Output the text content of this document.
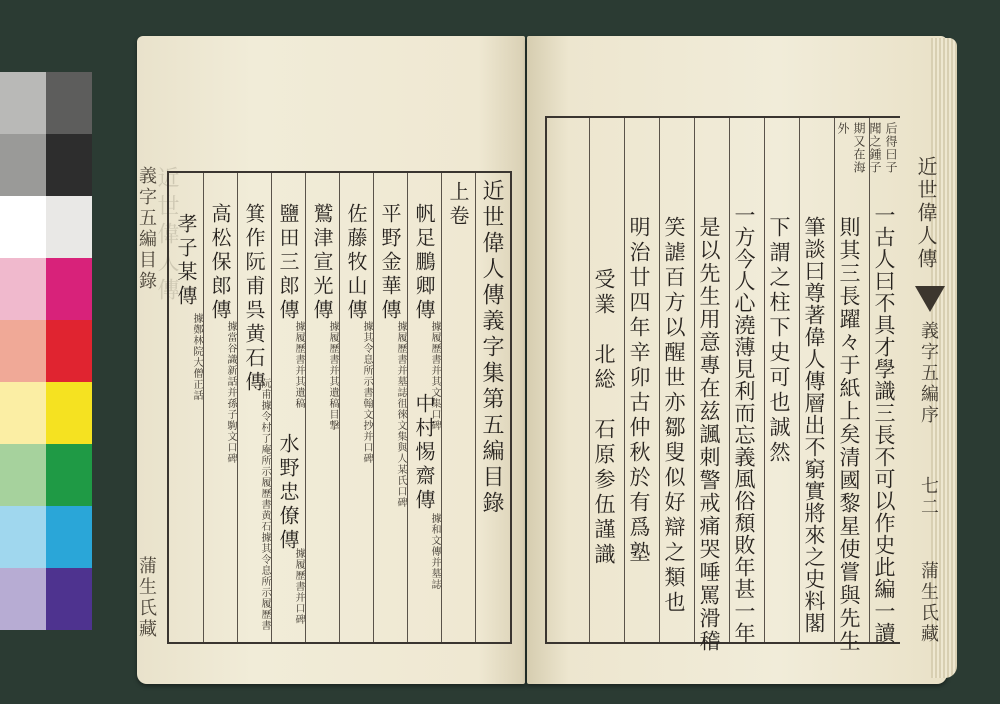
近世偉人傳
義字五編目錄
蒲生氏藏
近世偉人傳義字集第五編目錄
上卷
帆足鵬卿傳
據履歷書并其文集口碑
中村惕齋傳
據和文傳并墓誌
平野金華傳
據履歷書并墓誌徂徠文集與人某氏口碑
佐藤牧山傳
據其令息所示書翰文抄并口碑
鷲津宣光傳
據履歷書并其遺稿目撃
鹽田三郎傳
據履歷書并其遺稿
水野忠僚傳
據履歷書并口碑
箕作阮甫呉黄石傳
阮甫據令村了庵所示履歷書黄石據其令息所示履歷書
高松保郎傳
據當谷識新話并孫子駒文口碑
孝子某傳
據鄭林院大僧正話
近世偉人傳
義字五編序
七二
蒲生氏藏
后得曰子
聞之鍾子
期又在海
外
一古人曰不具才學識三長不可以作史此編一讀
則其三長躍々于紙上矣清國黎星使嘗與先生
筆談曰尊著偉人傳層出不窮實將來之史料閣
下謂之柱下史可也誠然
一方今人心澆薄見利而忘義風俗頹敗年甚一年
是以先生用意專在兹諷刺警戒痛哭唾罵滑稽
笑謔百方以醒世亦鄒叟似好辯之類也
明治廿四年辛卯古仲秋於有爲塾
受業　北総　石原参伍謹識
